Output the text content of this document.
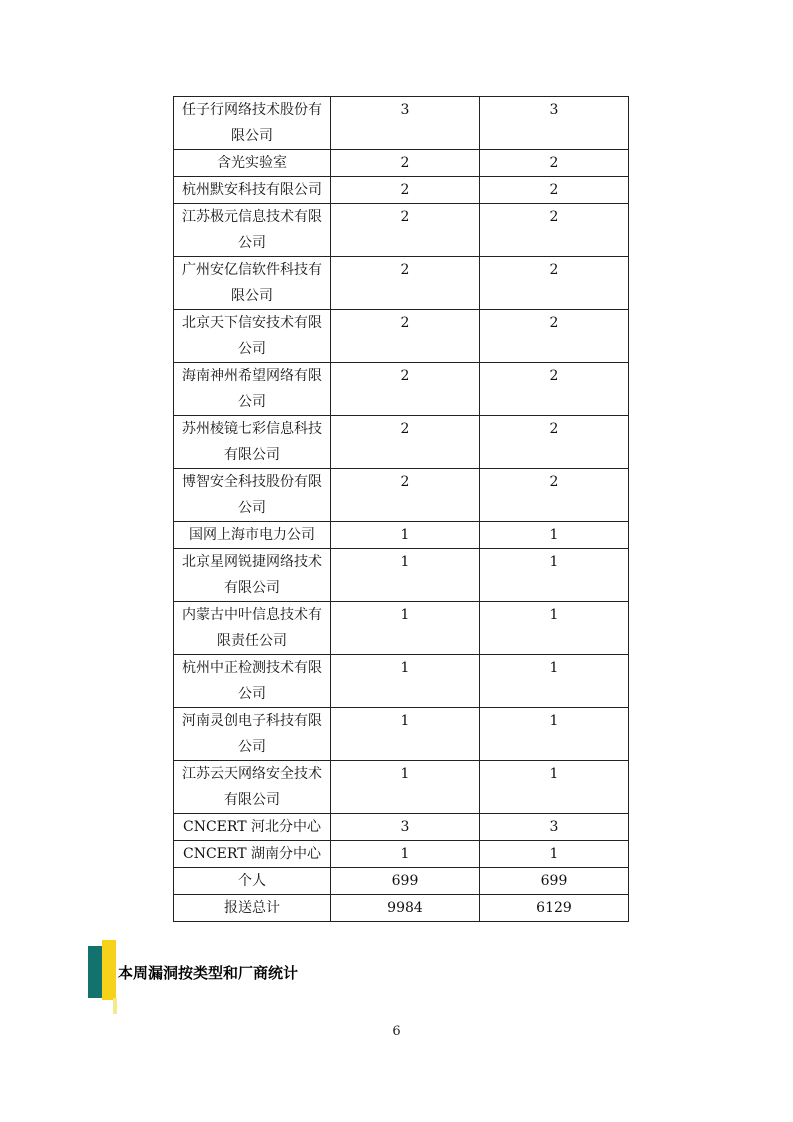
任子行网络技术股份有限公司	3	3
含光实验室	2	2
杭州默安科技有限公司	2	2
江苏极元信息技术有限公司	2	2
广州安亿信软件科技有限公司	2	2
北京天下信安技术有限公司	2	2
海南神州希望网络有限公司	2	2
苏州棱镜七彩信息科技有限公司	2	2
博智安全科技股份有限公司	2	2
国网上海市电力公司	1	1
北京星网锐捷网络技术有限公司	1	1
内蒙古中叶信息技术有限责任公司	1	1
杭州中正检测技术有限公司	1	1
河南灵创电子科技有限公司	1	1
江苏云天网络安全技术有限公司	1	1
CNCERT 河北分中心	3	3
CNCERT 湖南分中心	1	1
个人	699	699
报送总计	9984	6129
本周漏洞按类型和厂商统计
6
